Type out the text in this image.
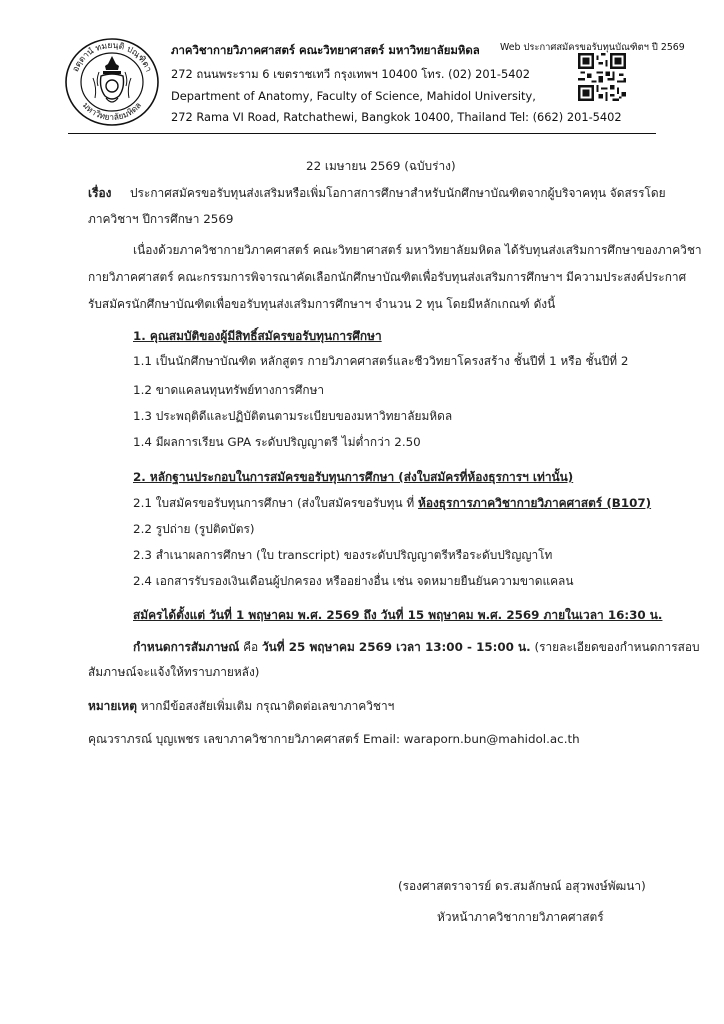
Web ประกาศสมัครขอรับทุนบัณฑิตฯ ปี 2569
อตฺตานํ ทมยนฺติ ปณฺฑิตา
มหาวิทยาลัยมหิดล
ภาควิชากายวิภาคศาสตร์ คณะวิทยาศาสตร์ มหาวิทยาลัยมหิดล
272 ถนนพระราม 6 เขตราชเทวี กรุงเทพฯ 10400 โทร. (02) 201-5402
Department of Anatomy, Faculty of Science, Mahidol University,
272 Rama VI Road, Ratchathewi, Bangkok 10400, Thailand Tel: (662) 201-5402
22 เมษายน 2569 (ฉบับร่าง)
เรื่อง ประกาศสมัครขอรับทุนส่งเสริมหรือเพิ่มโอกาสการศึกษาสำหรับนักศึกษาบัณฑิตจากผู้บริจาคทุน จัดสรรโดย
ภาควิชาฯ ปีการศึกษา 2569
เนื่องด้วยภาควิชากายวิภาคศาสตร์ คณะวิทยาศาสตร์ มหาวิทยาลัยมหิดล ได้รับทุนส่งเสริมการศึกษาของภาควิชา
กายวิภาคศาสตร์ คณะกรรมการพิจารณาคัดเลือกนักศึกษาบัณฑิตเพื่อรับทุนส่งเสริมการศึกษาฯ มีความประสงค์ประกาศ
รับสมัครนักศึกษาบัณฑิตเพื่อขอรับทุนส่งเสริมการศึกษาฯ จำนวน 2 ทุน โดยมีหลักเกณฑ์ ดังนี้
1. คุณสมบัติของผู้มีสิทธิ์สมัครขอรับทุนการศึกษา
1.1 เป็นนักศึกษาบัณฑิต หลักสูตร กายวิภาคศาสตร์และชีววิทยาโครงสร้าง ชั้นปีที่ 1 หรือ ชั้นปีที่ 2
1.2 ขาดแคลนทุนทรัพย์ทางการศึกษา
1.3 ประพฤติดีและปฏิบัติตนตามระเบียบของมหาวิทยาลัยมหิดล
1.4 มีผลการเรียน GPA ระดับปริญญาตรี ไม่ต่ำกว่า 2.50
2. หลักฐานประกอบในการสมัครขอรับทุนการศึกษา (ส่งใบสมัครที่ห้องธุรการฯ เท่านั้น)
2.1 ใบสมัครขอรับทุนการศึกษา (ส่งใบสมัครขอรับทุน ที่ ห้องธุรการภาควิชากายวิภาคศาสตร์ (B107)
2.2 รูปถ่าย (รูปติดบัตร)
2.3 สำเนาผลการศึกษา (ใบ transcript) ของระดับปริญญาตรีหรือระดับปริญญาโท
2.4 เอกสารรับรองเงินเดือนผู้ปกครอง หรืออย่างอื่น เช่น จดหมายยืนยันความขาดแคลน
สมัครได้ตั้งแต่ วันที่ 1 พฤษาคม พ.ศ. 2569 ถึง วันที่ 15 พฤษาคม พ.ศ. 2569 ภายในเวลา 16:30 น.
กำหนดการสัมภาษณ์ คือ วันที่ 25 พฤษาคม 2569 เวลา 13:00 - 15:00 น. (รายละเอียดของกำหนดการสอบ
สัมภาษณ์จะแจ้งให้ทราบภายหลัง)
หมายเหตุ หากมีข้อสงสัยเพิ่มเติม กรุณาติดต่อเลขาภาควิชาฯ
คุณวราภรณ์ บุญเพชร เลขาภาควิชากายวิภาคศาสตร์ Email: waraporn.bun@mahidol.ac.th
(รองศาสตราจารย์ ดร.สมลักษณ์ อสุวพงษ์พัฒนา)
หัวหน้าภาควิชากายวิภาคศาสตร์
